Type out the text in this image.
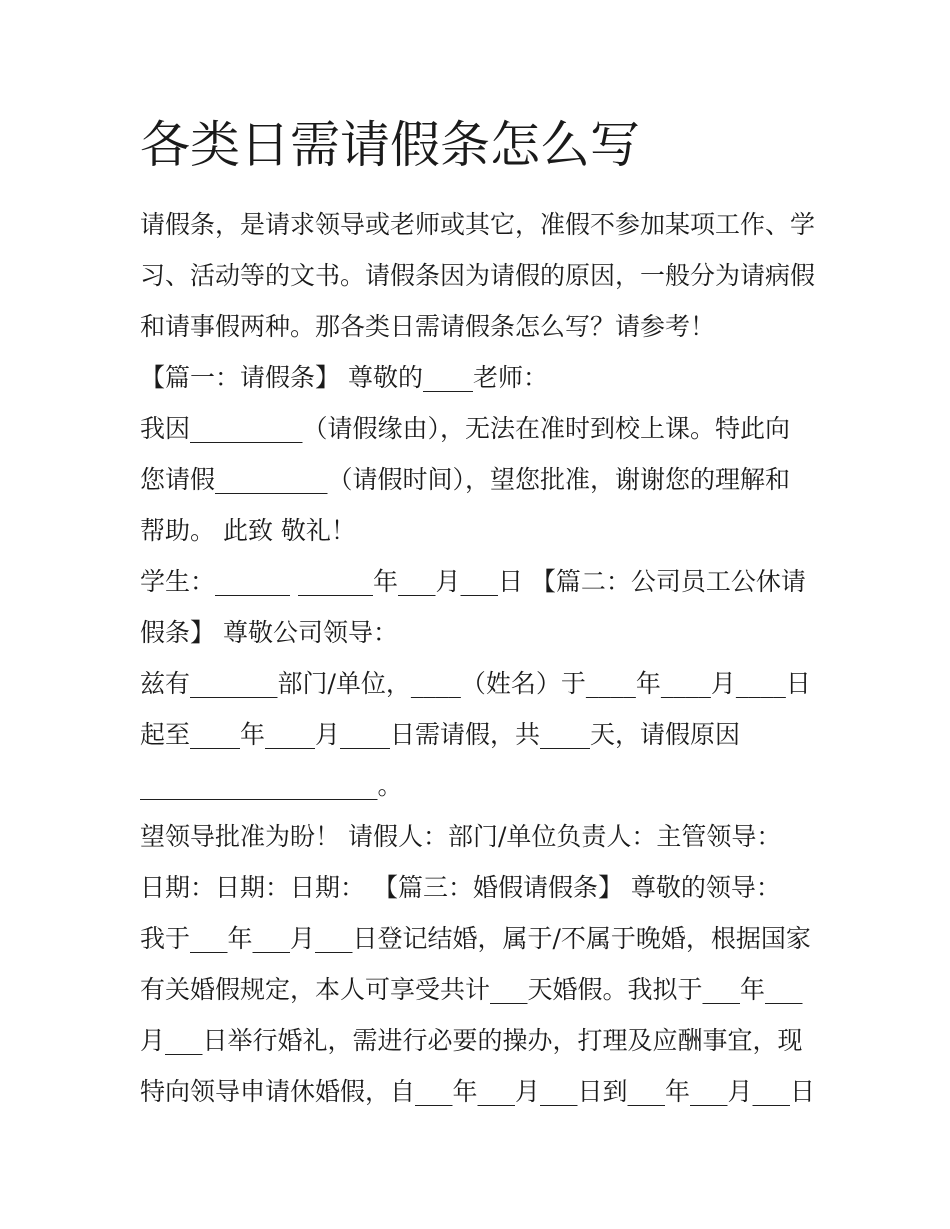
各类日需请假条怎么写
请假条，是请求领导或老师或其它，准假不参加某项工作、学
习、活动等的文书。请假条因为请假的原因，一般分为请病假
和请事假两种。那各类日需请假条怎么写？请参考！
【篇一：请假条】 尊敬的____老师：
我因_________（请假缘由），无法在准时到校上课。特此向
您请假_________（请假时间），望您批准，谢谢您的理解和
帮助。 此致 敬礼！
学生：______ ______年___月___日 【篇二：公司员工公休请
假条】 尊敬公司领导：
兹有_______部门/单位，____（姓名）于____年____月____日
起至____年____月____日需请假，共____天，请假原因
___________________。
望领导批准为盼！ 请假人：部门/单位负责人：主管领导：
日期：日期：日期： 【篇三：婚假请假条】 尊敬的领导：
我于___年___月___日登记结婚，属于/不属于晚婚，根据国家
有关婚假规定，本人可享受共计___天婚假。我拟于___年___
月___日举行婚礼，需进行必要的操办，打理及应酬事宜，现
特向领导申请休婚假，自___年___月___日到___年___月___日
